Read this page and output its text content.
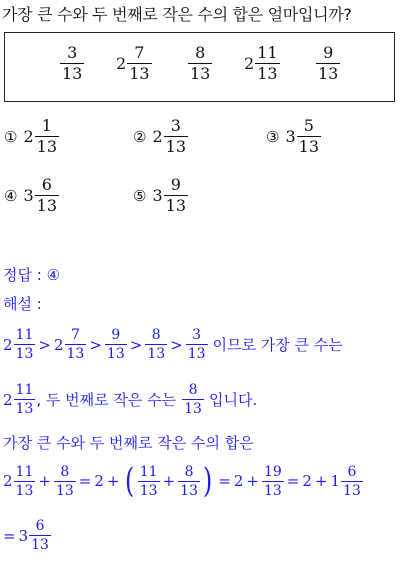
가장 큰 수와 두 번째로 작은 수의 합은 얼마입니까?
$\frac{3}{13} 2 \frac{7}{13} \frac{8}{13} 2 \frac{11}{13} \frac{9}{13}$
① 2
1
13
② 2
3
13
③ 3
5
13
④ 3
6
13
⑤ 3
9
13
정답 : ④
해설 :
2
11
13
> 2
7
13
>
9
13
>
8
13
>
3
13 이므로 가장 큰 수는
2
11
13 , 두 번째로 작은 수는
8
13 입니다.
가장 큰 수와 두 번째로 작은 수의 합은
2
11
13
+ $\frac{8}{13} = 2$ + ( 11
13
+ $\frac{8}{13}$ ) = $2 + \frac{19}{13} = 2 + 1$
6
13
= 3
6
13
